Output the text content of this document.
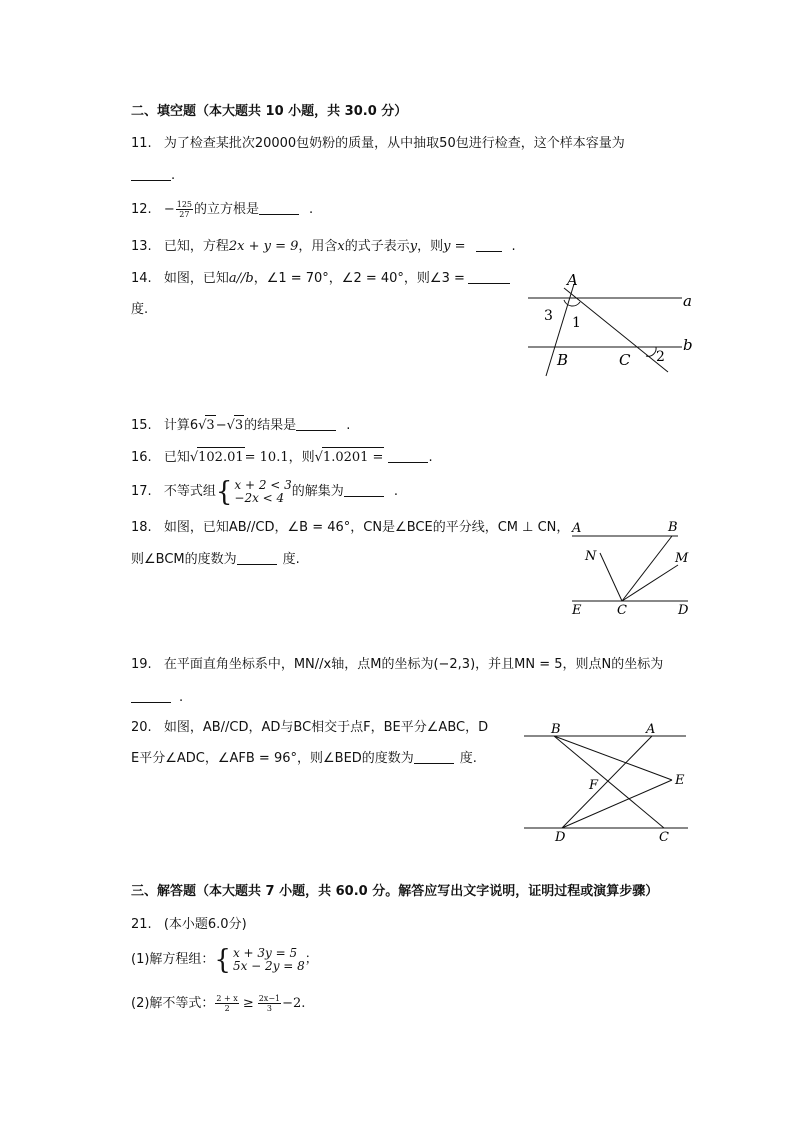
二、填空题（本大题共 10 小题，共 30.0 分）
11. 为了检查某批次20000包奶粉的质量，从中抽取50包进行检查，这个样本容量为
.
12. − $\frac{125}{27}$ 的立方根是	.
13. 已知，方程2x + y = 9，用含x的式子表示y，则y =	.
14. 如图，已知a//b，∠1 = 70°，∠2 = 40°，则∠3 =
度.
A
a
b
B	C
1
2
3
15. 计算6√3−√3的结果是	.
16. 已知√102.01= 10.1，则√1.0201 =	.
17. 不等式组{ x + 2 < 3
−2x < 4 的解集为	.
18. 如图，已知AB//CD，∠B = 46°，CN是∠BCE的平分线，CM ⊥ CN，
则∠BCM的度数为	度.
A	B
N	M
E	C	D
19. 在平面直角坐标系中，MN//x轴，点M的坐标为(−2,3)，并且MN = 5，则点N的坐标为
.
20. 如图，AB//CD，AD与BC相交于点F，BE平分∠ABC，D
E平分∠ADC，∠AFB = 96°，则∠BED的度数为	度.
B	A
F	E
D	C
三、解答题（本大题共 7 小题，共 60.0 分。解答应写出文字说明，证明过程或演算步骤）
21. (本小题6.0分)
(1)解方程组：{ x + 3y = 5
5x − 2y = 8 ；
(2)解不等式： $\frac{2 + x}{2} \ge \frac{2x-1}{3} -2$.
